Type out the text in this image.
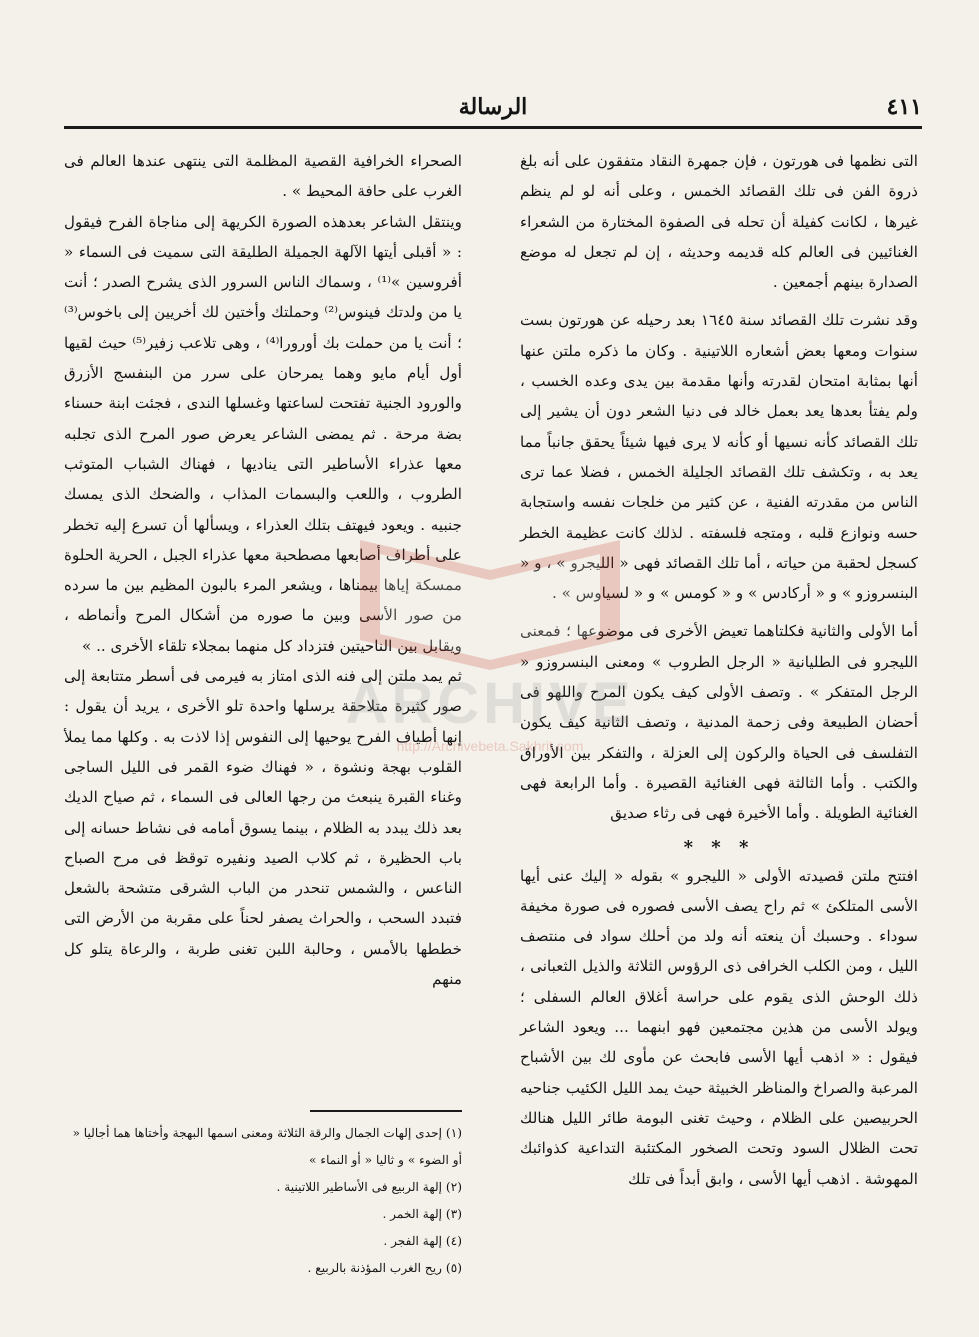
الرسالة	٤١١

التى نظمها فى هورتون ، فإن جمهرة النقاد متفقون على أنه بلغ ذروة الفن فى تلك القصائد الخمس ، وعلى أنه لو لم ينظم غيرها ، لكانت كفيلة أن تحله فى الصفوة المختارة من الشعراء الغنائيين فى العالم كله قديمه وحديثه ، إن لم تجعل له موضع الصدارة بينهم أجمعين .

وقد نشرت تلك القصائد سنة ١٦٤٥ بعد رحيله عن هورتون بست سنوات ومعها بعض أشعاره اللاتينية . وكان ما ذكره ملتن عنها أنها بمثابة امتحان لقدرته وأنها مقدمة بين يدى وعده الخسب ، ولم يفتأ بعدها يعد بعمل خالد فى دنيا الشعر دون أن يشير إلى تلك القصائد كأنه نسيها أو كأنه لا يرى فيها شيئاً يحقق جانباً مما يعد به ، وتكشف تلك القصائد الجليلة الخمس ، فضلا عما ترى الناس من مقدرته الفنية ، عن كثير من خلجات نفسه واستجابة حسه ونوازع قلبه ، ومتجه فلسفته . لذلك كانت عظيمة الخطر كسجل لحقبة من حياته ، أما تلك القصائد فهى « الليجرو » ، و « البنسروزو » و « أركادس » و « كومس » و « لسياوس » .

أما الأولى والثانية فكلتاهما تعيض الأخرى فى موضوعها ؛ فمعنى الليجرو فى الطليانية « الرجل الطروب » ومعنى البنسروزو « الرجل المتفكر » . وتصف الأولى كيف يكون المرح واللهو فى أحضان الطبيعة وفى زحمة المدنية ، وتصف الثانية كيف يكون التفلسف فى الحياة والركون إلى العزلة ، والتفكر بين الأوراق والكتب . وأما الثالثة فهى الغنائية القصيرة . وأما الرابعة فهى الغنائية الطويلة . وأما الأخيرة فهى فى رثاء صديق

* * *

افتتح ملتن قصيدته الأولى « الليجرو » بقوله « إليك عنى أيها الأسى المتلكئ » ثم راح يصف الأسى فصوره فى صورة مخيفة سوداء . وحسبك أن ينعته أنه ولد من أحلك سواد فى منتصف الليل ، ومن الكلب الخرافى ذى الرؤوس الثلاثة والذيل الثعبانى ، ذلك الوحش الذى يقوم على حراسة أغلاق العالم السفلى ؛ ويولد الأسى من هذين مجتمعين فهو ابنهما ... ويعود الشاعر فيقول : « اذهب أيها الأسى فابحث عن مأوى لك بين الأشباح المرعبة والصراخ والمناظر الخبيثة حيث يمد الليل الكئيب جناحيه الحربيصين على الظلام ، وحيث تغنى البومة طائر الليل هنالك تحت الظلال السود وتحت الصخور المكتئبة التداعية كذوائبك المهوشة . اذهب أيها الأسى ، وابق أبداً فى تلك

الصحراء الخرافية القصية المظلمة التى ينتهى عندها العالم فى الغرب على حافة المحيط » .

وينتقل الشاعر بعدهذه الصورة الكريهة إلى مناجاة الفرح فيقول : « أقبلى أيتها الآلهة الجميلة الطليقة التى سميت فى السماء « أفروسين »⁽¹⁾ ، وسماك الناس السرور الذى يشرح الصدر ؛ أنت يا من ولدتك فينوس⁽²⁾ وحملتك وأختين لك أخريين إلى باخوس⁽³⁾ ؛ أنت يا من حملت بك أورورا⁽⁴⁾ ، وهى تلاعب زفير⁽⁵⁾ حيث لقيها أول أيام مايو وهما يمرحان على سرر من البنفسج الأزرق والورود الجنية تفتحت لساعتها وغسلها الندى ، فجئت ابنة حسناء بضة مرحة . ثم يمضى الشاعر يعرض صور المرح الذى تجلبه معها عذراء الأساطير التى يناديها ، فهناك الشباب المتوثب الطروب ، واللعب والبسمات المذاب ، والضحك الذى يمسك جنبيه . ويعود فيهتف بتلك العذراء ، ويسألها أن تسرع إليه تخطر على أطراف أصابعها مصطحبة معها عذراء الجبل ، الحرية الحلوة ممسكة إياها بيمناها ، ويشعر المرء بالبون المظيم بين ما سرده من صور الأسى وبين ما صوره من أشكال المرح وأنماطه ، ويقابل بين الناحيتين فتزداد كل منهما بمجلاء تلقاء الأخرى .. »

ثم يمد ملتن إلى فنه الذى امتاز به فيرمى فى أسطر متتابعة إلى صور كثيرة متلاحقة يرسلها واحدة تلو الأخرى ، يريد أن يقول : إنها أطياف الفرح يوحيها إلى النفوس إذا لاذت به . وكلها مما يملأ القلوب بهجة ونشوة ، « فهناك ضوء القمر فى الليل الساجى وغناء القبرة ينبعث من رجها العالى فى السماء ، ثم صياح الديك بعد ذلك يبدد به الظلام ، بينما يسوق أمامه فى نشاط حسانه إلى باب الحظيرة ، ثم كلاب الصيد ونفيره توقظ فى مرح الصباح الناعس ، والشمس تنحدر من الباب الشرقى متشحة بالشعل فتبدد السحب ، والحراث يصفر لحناً على مقربة من الأرض التى خططها بالأمس ، وحالبة اللبن تغنى طربة ، والرعاة يتلو كل منهم

(١) إحدى إلهات الجمال والرقة الثلاثة ومعنى اسمها البهجة وأختاها هما أجاليا « أو الضوء » و ثاليا « أو النماء »

(٢) إلهة الربيع فى الأساطير اللاتينية .

(٣) إلهة الخمر .

(٤) إلهة الفجر .

(٥) ريح الغرب المؤذنة بالربيع .

ARCHIVE
http://Archivebeta.Sakhrit.com
